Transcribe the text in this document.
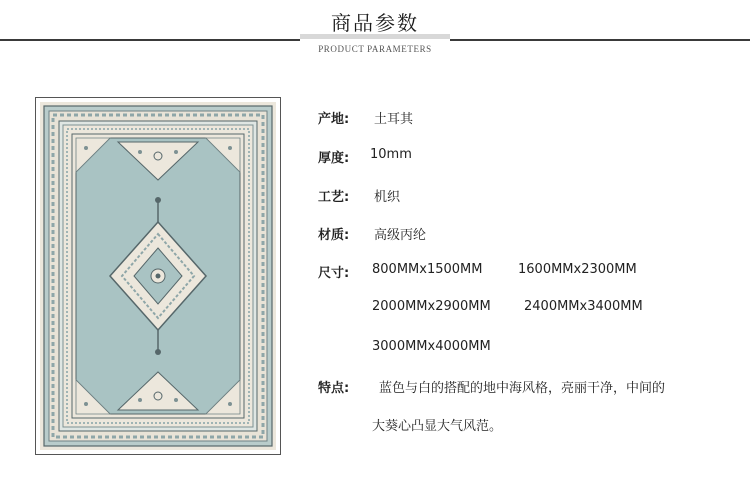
商品参数
PRODUCT PARAMETERS
产地: 土耳其
厚度: 10mm
工艺: 机织
材质: 高级丙纶
尺寸: 800MMx1500MM	1600MMx2300MM
2000MMx2900MM	2400MMx3400MM
3000MMx4000MM
特点: 蓝色与白的搭配的地中海风格，亮丽干净，中间的
大葵心凸显大气风范。
